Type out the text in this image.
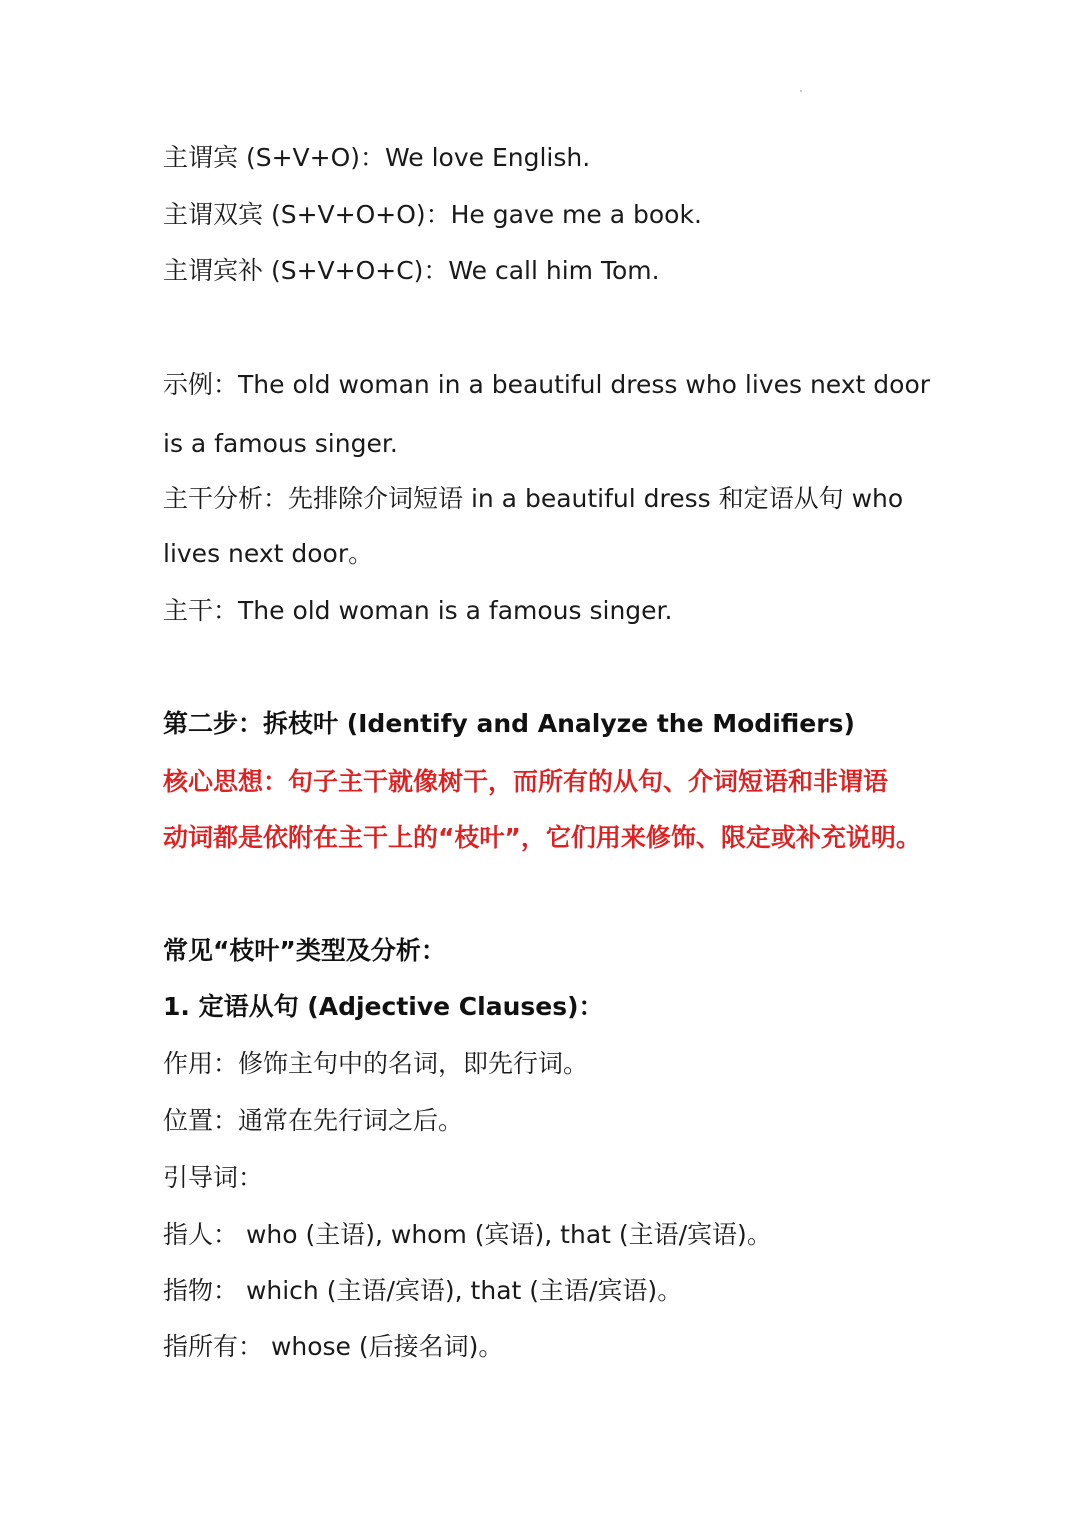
主谓宾 (S+V+O)：We love English.
主谓双宾 (S+V+O+O)：He gave me a book.
主谓宾补 (S+V+O+C)：We call him Tom.
示例：The old woman in a beautiful dress who lives next door
is a famous singer.
主干分析：先排除介词短语 in a beautiful dress 和定语从句 who
lives next door。
主干：The old woman is a famous singer.
第二步：拆枝叶 (Identify and Analyze the Modifiers)
核心思想：句子主干就像树干，而所有的从句、介词短语和非谓语
动词都是依附在主干上的“枝叶”，它们用来修饰、限定或补充说明。
常见“枝叶”类型及分析：
1. 定语从句 (Adjective Clauses)：
作用：修饰主句中的名词，即先行词。
位置：通常在先行词之后。
引导词：
指人： who (主语), whom (宾语), that (主语/宾语)。
指物： which (主语/宾语), that (主语/宾语)。
指所有： whose (后接名词)。
